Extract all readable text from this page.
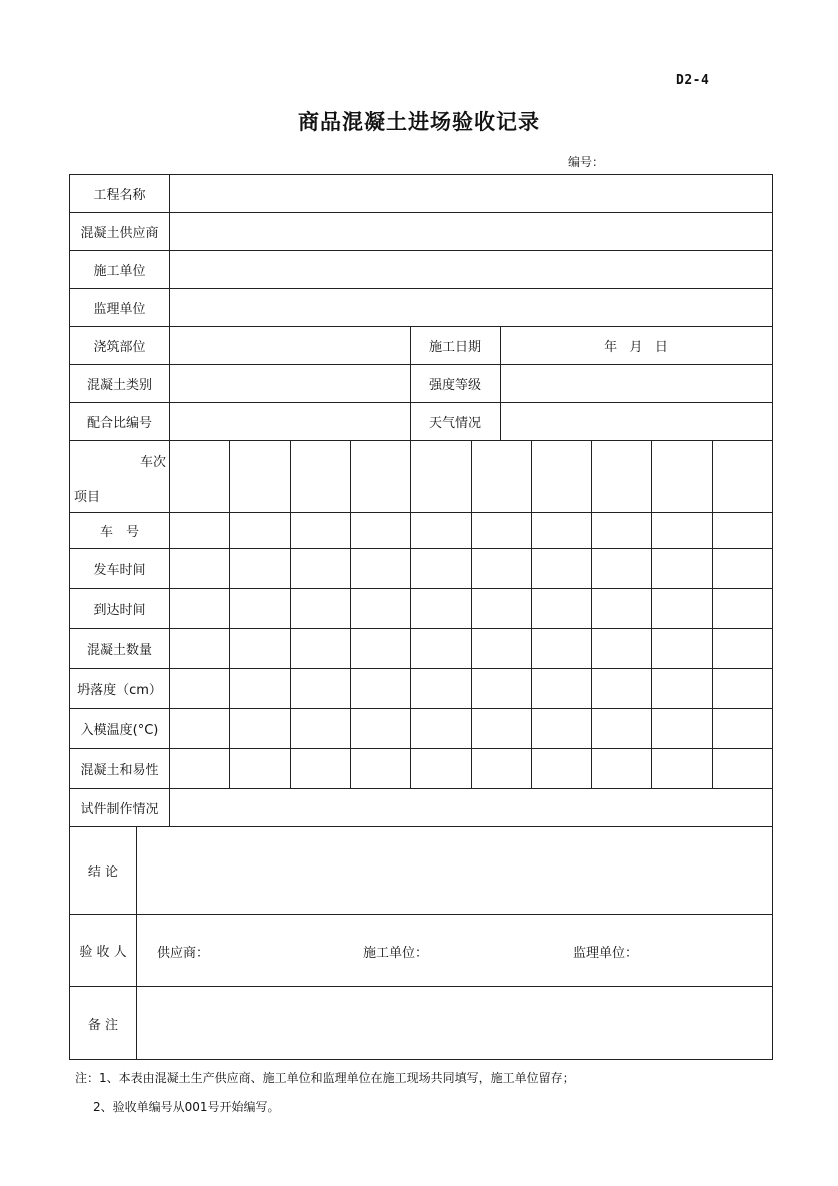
D2-4
商品混凝土进场验收记录
编号：
工程名称
混凝土供应商
施工单位
监理单位
浇筑部位	施工日期	年   月   日
混凝土类别	强度等级
配合比编号	天气情况
车次
项目
车　号
发车时间
到达时间
混凝土数量
坍落度（cm）
入模温度(°C)
混凝土和易性
试件制作情况
结 论
验 收 人	供应商：	施工单位：	监理单位：
备 注
注：1、本表由混凝土生产供应商、施工单位和监理单位在施工现场共同填写，施工单位留存；
2、验收单编号从001号开始编写。
